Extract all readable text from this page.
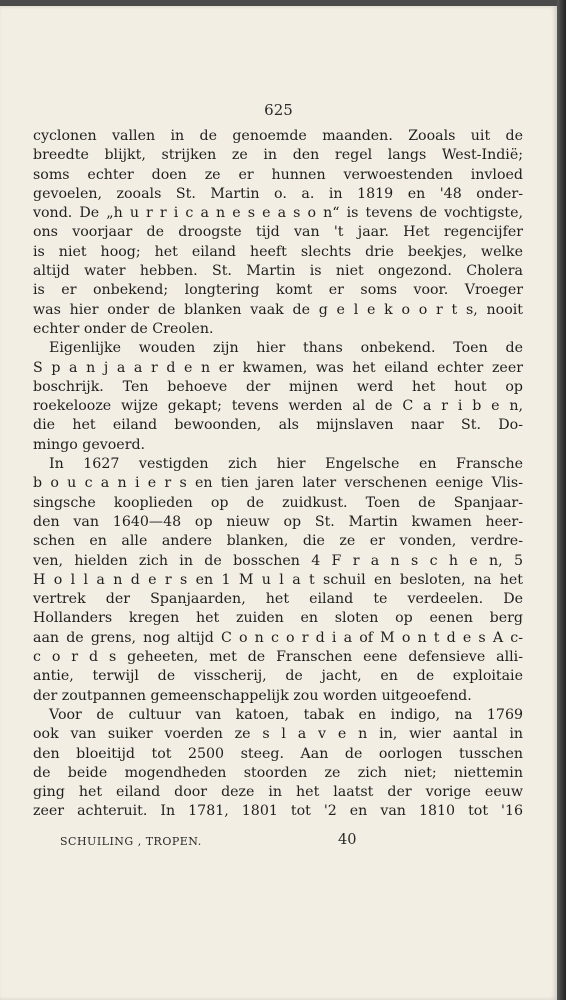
625
cyclonen vallen in de genoemde maanden. Zooals uit de
breedte blijkt, strijken ze in den regel langs West-Indië;
soms echter doen ze er hunnen verwoestenden invloed
gevoelen, zooals St. Martin o. a. in 1819 en '48 onder-
vond. De „h u r r i c a n e s e a s o n“ is tevens de vochtigste,
ons voorjaar de droogste tijd van 't jaar. Het regencijfer
is niet hoog; het eiland heeft slechts drie beekjes, welke
altijd water hebben. St. Martin is niet ongezond. Cholera
is er onbekend; longtering komt er soms voor. Vroeger
was hier onder de blanken vaak de g e l e k o o r t s, nooit
echter onder de Creolen.
Eigenlijke wouden zijn hier thans onbekend. Toen de
S p a n j a a r d e n er kwamen, was het eiland echter zeer
boschrijk. Ten behoeve der mijnen werd het hout op
roekelooze wijze gekapt; tevens werden al de C a r i b e n,
die het eiland bewoonden, als mijnslaven naar St. Do-
mingo gevoerd.
In 1627 vestigden zich hier Engelsche en Fransche
b o u c a n i e r s en tien jaren later verschenen eenige Vlis-
singsche kooplieden op de zuidkust. Toen de Spanjaar-
den van 1640—48 op nieuw op St. Martin kwamen heer-
schen en alle andere blanken, die ze er vonden, verdre-
ven, hielden zich in de bosschen 4 F r a n s c h e n, 5
H o l l a n d e r s en 1 M u l a t schuil en besloten, na het
vertrek der Spanjaarden, het eiland te verdeelen. De
Hollanders kregen het zuiden en sloten op eenen berg
aan de grens, nog altijd C o n c o r d i a of M o n t d e s A c-
c o r d s geheeten, met de Franschen eene defensieve alli-
antie, terwijl de visscherij, de jacht, en de exploitaie
der zoutpannen gemeenschappelijk zou worden uitgeoefend.
Voor de cultuur van katoen, tabak en indigo, na 1769
ook van suiker voerden ze s l a v e n in, wier aantal in
den bloeitijd tot 2500 steeg. Aan de oorlogen tusschen
de beide mogendheden stoorden ze zich niet; niettemin
ging het eiland door deze in het laatst der vorige eeuw
zeer achteruit. In 1781, 1801 tot '2 en van 1810 tot '16
SCHUILING , TROPEN.	40
